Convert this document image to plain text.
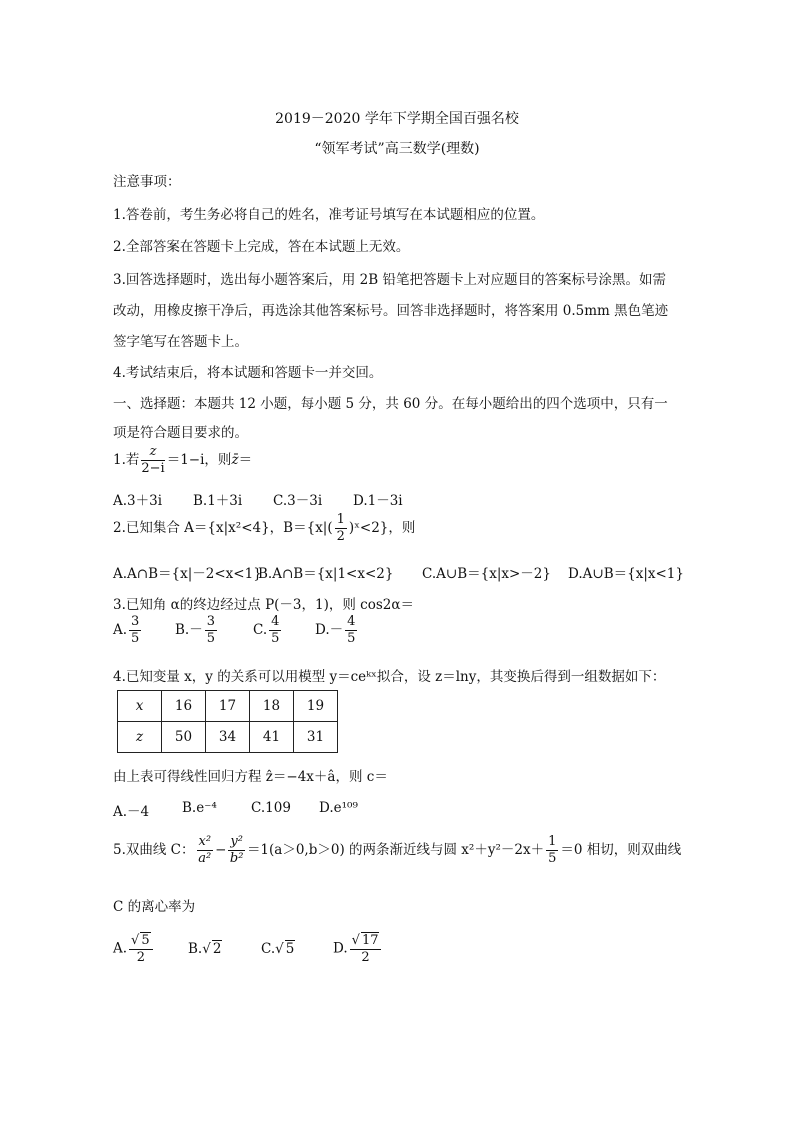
2019－2020 学年下学期全国百强名校
“领军考试”高三数学(理数)
注意事项：
1.答卷前，考生务必将自己的姓名，准考证号填写在本试题相应的位置。
2.全部答案在答题卡上完成，答在本试题上无效。
3.回答选择题时，选出每小题答案后，用 2B 铅笔把答题卡上对应题目的答案标号涂黑。如需
改动，用橡皮擦干净后，再选涂其他答案标号。回答非选择题时，将答案用 0.5mm 黑色笔迹
签字笔写在答题卡上。
4.考试结束后，将本试题和答题卡一并交回。
一、选择题：本题共 12 小题，每小题 5 分，共 60 分。在每小题给出的四个选项中，只有一
项是符合题目要求的。
1.若 $\frac{z}{2-i} =1-i$，则z̄＝
A.3＋3i B.1＋3i C.3－3i D.1－3i
2.已知集合 A＝{x|x²<4}，$B=\{x|( \frac{1}{2}$ )ˣ<2}，则
A.A∩B＝{x|－2<x<1}
B.A∩B＝{x|1<x<2} C.A∪B＝{x|x>－2} D.A∪B＝{x|x<1}
3.已知角 α的终边经过点 P(－3，1)，则 cos2α＝
A. $\frac{3}{5} B.- \frac{3}{5}$	C. $\frac{4}{5} D.- \frac{4}{5}$
4.已知变量 x，y 的关系可以用模型 y＝ceᵏˣ拟合，设 z＝lny，其变换后得到一组数据如下：
x	16	17	18	19
z	50	34	41	31
由上表可得线性回归方程 ẑ＝−4x＋â，则 c＝
A.－4 B.e⁻⁴	C.109 D.e¹⁰⁹
5.双曲线 C： $\frac{\text{x²}}{\text{a²}} - \frac{\text{y²}}{\text{b²}} =1(a>0,b>0)$ 的两条渐近线与圆 $x^2+y^2-2x+ \frac{1}{5} =0$ 相切，则双曲线
C 的离心率为
A. $\frac{√ 5}{2}$	B.√ 2	C.√ 5	D. $\frac{√ 17}{2}$
